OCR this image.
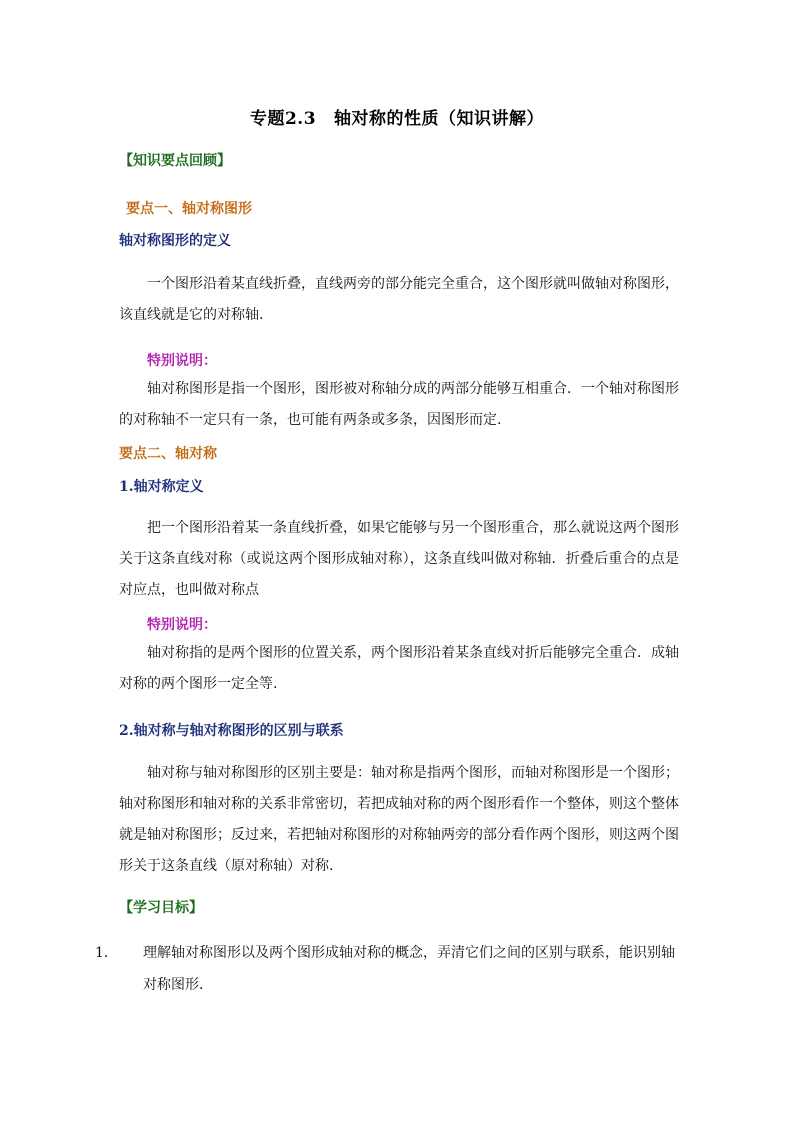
专题2.3 轴对称的性质（知识讲解）
【知识要点回顾】
要点一、轴对称图形
轴对称图形的定义
一个图形沿着某直线折叠，直线两旁的部分能完全重合，这个图形就叫做轴对称图形，该直线就是它的对称轴.
特别说明：
轴对称图形是指一个图形，图形被对称轴分成的两部分能够互相重合．一个轴对称图形的对称轴不一定只有一条，也可能有两条或多条，因图形而定.
要点二、轴对称
1.轴对称定义
把一个图形沿着某一条直线折叠，如果它能够与另一个图形重合，那么就说这两个图形关于这条直线对称（或说这两个图形成轴对称），这条直线叫做对称轴．折叠后重合的点是对应点，也叫做对称点
特别说明：
轴对称指的是两个图形的位置关系，两个图形沿着某条直线对折后能够完全重合．成轴对称的两个图形一定全等.
2.轴对称与轴对称图形的区别与联系
轴对称与轴对称图形的区别主要是：轴对称是指两个图形，而轴对称图形是一个图形；轴对称图形和轴对称的关系非常密切，若把成轴对称的两个图形看作一个整体，则这个整体就是轴对称图形；反过来，若把轴对称图形的对称轴两旁的部分看作两个图形，则这两个图形关于这条直线（原对称轴）对称.
【学习目标】
1． 理解轴对称图形以及两个图形成轴对称的概念，弄清它们之间的区别与联系，能识别轴对称图形．
